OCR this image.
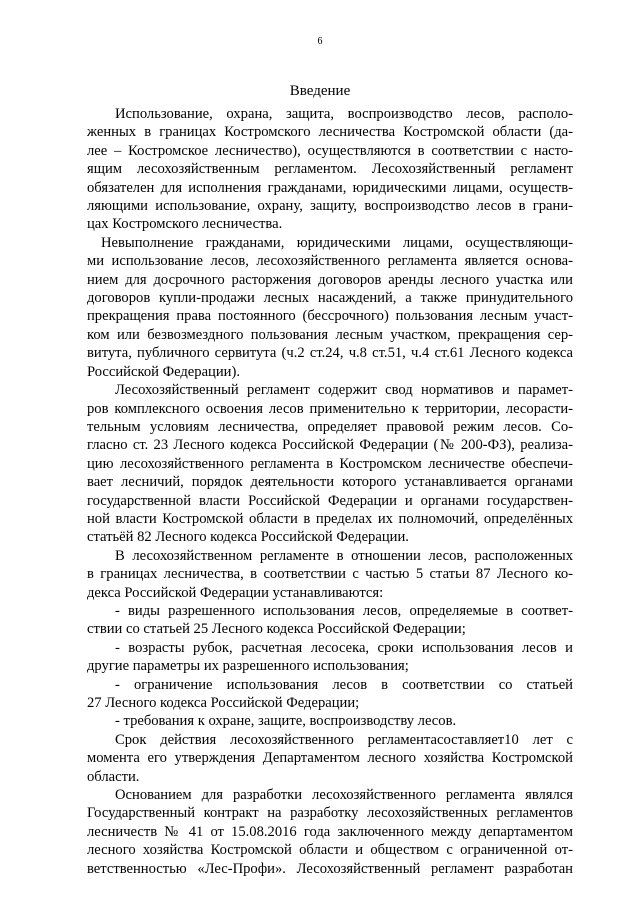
6
Введение

Использование, охрана, защита, воспроизводство лесов, располо-
женных в границах Костромского лесничества Костромской области (да-
лее – Костромское лесничество), осуществляются в соответствии с наcто-
ящим лесохозяйственным регламентом. Лесохозяйственный регламент
обязателен для исполнения гражданами, юридическими лицами, осуществ-
ляющими использование, охрану, защиту, воспроизводство лесов в грани-
цах Костромского лесничества.

Невыполнение гражданами, юридическими лицами, осуществляющи-
ми использование лесов, лесохозяйственного регламента является основа-
нием для досрочного расторжения договоров аренды лесного участка или
договоров купли-продажи лесных насаждений, а также принудительного
прекращения права постоянного (бессрочного) пользования лесным участ-
ком или безвозмездного пользования лесным участком, прекращения сер-
витута, публичного сервитута (ч.2 ст.24, ч.8 ст.51, ч.4 ст.61 Лесного кодекса
Российской Федерации).

Лесохозяйственный регламент содержит свод нормативов и парамет-
ров комплексного освоения лесов применительно к территории, лесорасти-
тельным условиям лесничества, определяет правовой режим лесов. Со-
гласно ст. 23 Лесного кодекса Российской Федерации (№ 200-ФЗ), реализа-
цию лесохозяйственного регламента в Костромском лесничестве обеспечи-
вает лесничий, порядок деятельности которого устанавливается органами
государственной власти Российской Федерации и органами государствен-
ной власти Костромской области в пределах их полномочий, определённых
статьёй 82 Лесного кодекса Российской Федерации.

В лесохозяйственном регламенте в отношении лесов, расположенных
в границах лесничества, в соответствии с частью 5 статьи 87 Лесного ко-
декса Российской Федерации устанавливаются:

- виды разрешенного использования лесов, определяемые в соответ-
ствии со статьей 25 Лесного кодекса Российской Федерации;

- возрасты рубок, расчетная лесосека, сроки использования лесов и
другие параметры их разрешенного использования;

- ограничение использования лесов в соответствии со статьей
27 Лесного кодекса Российской Федерации;

- требования к охране, защите, воспроизводству лесов.

Срок действия лесохозяйственного регламентасоставляет10 лет с
момента его утверждения Департаментом лесного хозяйства Костромской
области.

Основанием для разработки лесохозяйственного регламента являлся
Государственный контракт на разработку лесохозяйственных регламентов
лесничеств № 41 от 15.08.2016 года заключенного между департаментом
лесного хозяйства Костромской области и обществом с ограниченной от-
ветственностью «Лес-Профи». Лесохозяйственный регламент разработан
